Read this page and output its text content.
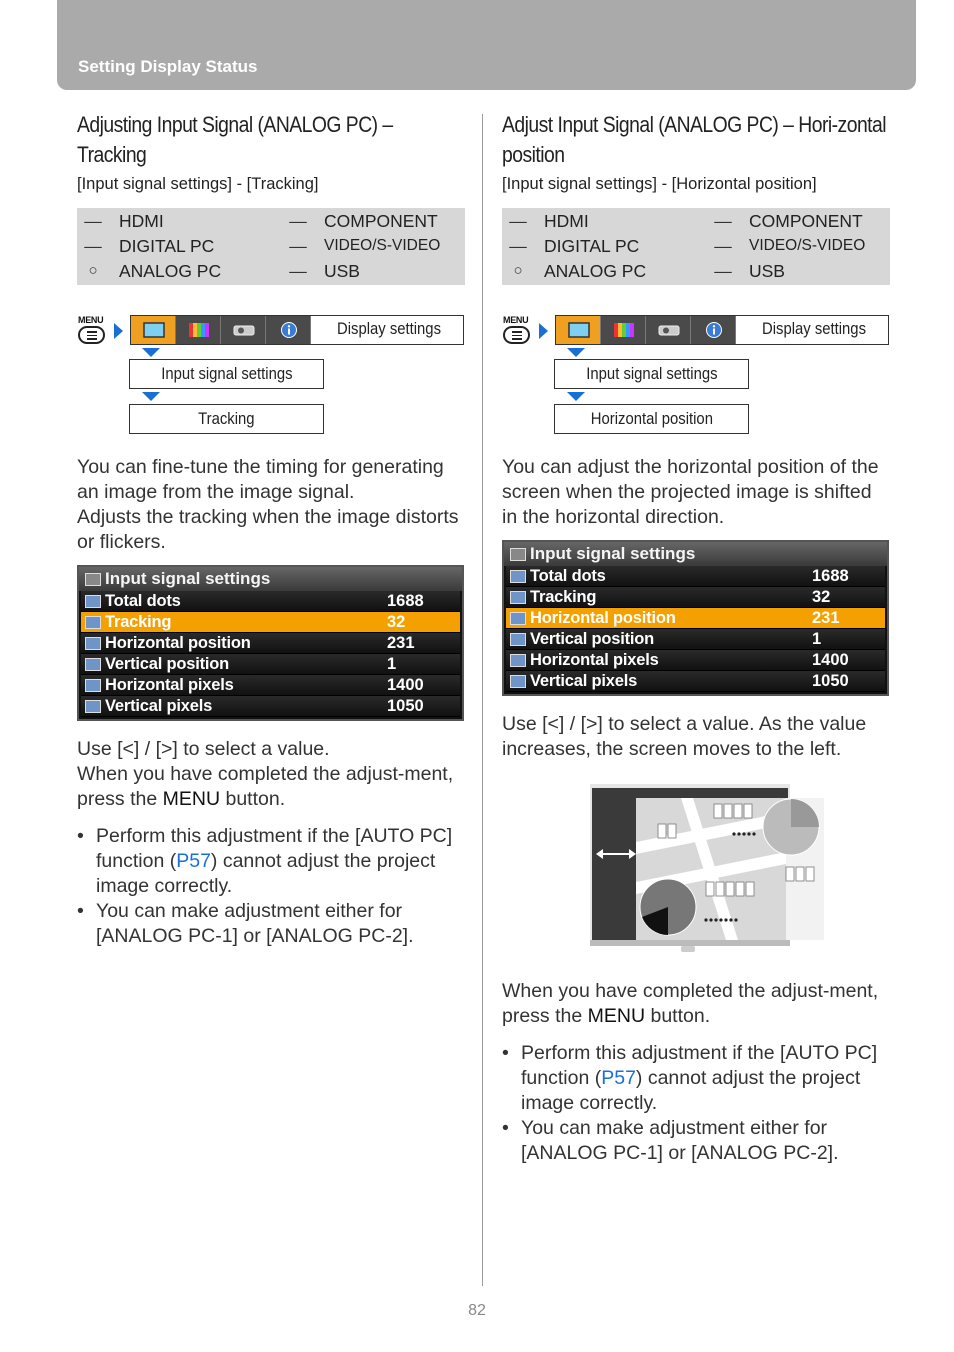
Setting Display Status
Adjusting Input Signal (ANALOG PC) – Tracking
[Input signal settings] - [Tracking]
— HDMI	— COMPONENT
— DIGITAL PC	— VIDEO/S-VIDEO
○	ANALOG PC	— USB
MENU	Display settings
Input signal settings
Tracking
You can fine-tune the timing for generating an image from the image signal.
Adjusts the tracking when the image distorts or flickers.
Input signal settings
Total dots	1688
Tracking	32
Horizontal position	231
Vertical position	1
Horizontal pixels	1400
Vertical pixels	1050
Use [<] / [>] to select a value.
When you have completed the adjust-ment, press the MENU button.
• Perform this adjustment if the [AUTO PC] function (P57) cannot adjust the project image correctly.
• You can make adjustment either for [ANALOG PC-1] or [ANALOG PC-2].
Adjust Input Signal (ANALOG PC) – Hori-zontal position
[Input signal settings] - [Horizontal position]
— HDMI	— COMPONENT
— DIGITAL PC	— VIDEO/S-VIDEO
○	ANALOG PC	— USB
MENU	Display settings
Input signal settings
Horizontal position
You can adjust the horizontal position of the screen when the projected image is shifted in the horizontal direction.
Input signal settings
Total dots	1688
Tracking	32
Horizontal position	231
Vertical position	1
Horizontal pixels	1400
Vertical pixels	1050
Use [<] / [>] to select a value. As the value increases, the screen moves to the left.
When you have completed the adjust-ment, press the MENU button.
• Perform this adjustment if the [AUTO PC] function (P57) cannot adjust the project image correctly.
• You can make adjustment either for [ANALOG PC-1] or [ANALOG PC-2].
82
